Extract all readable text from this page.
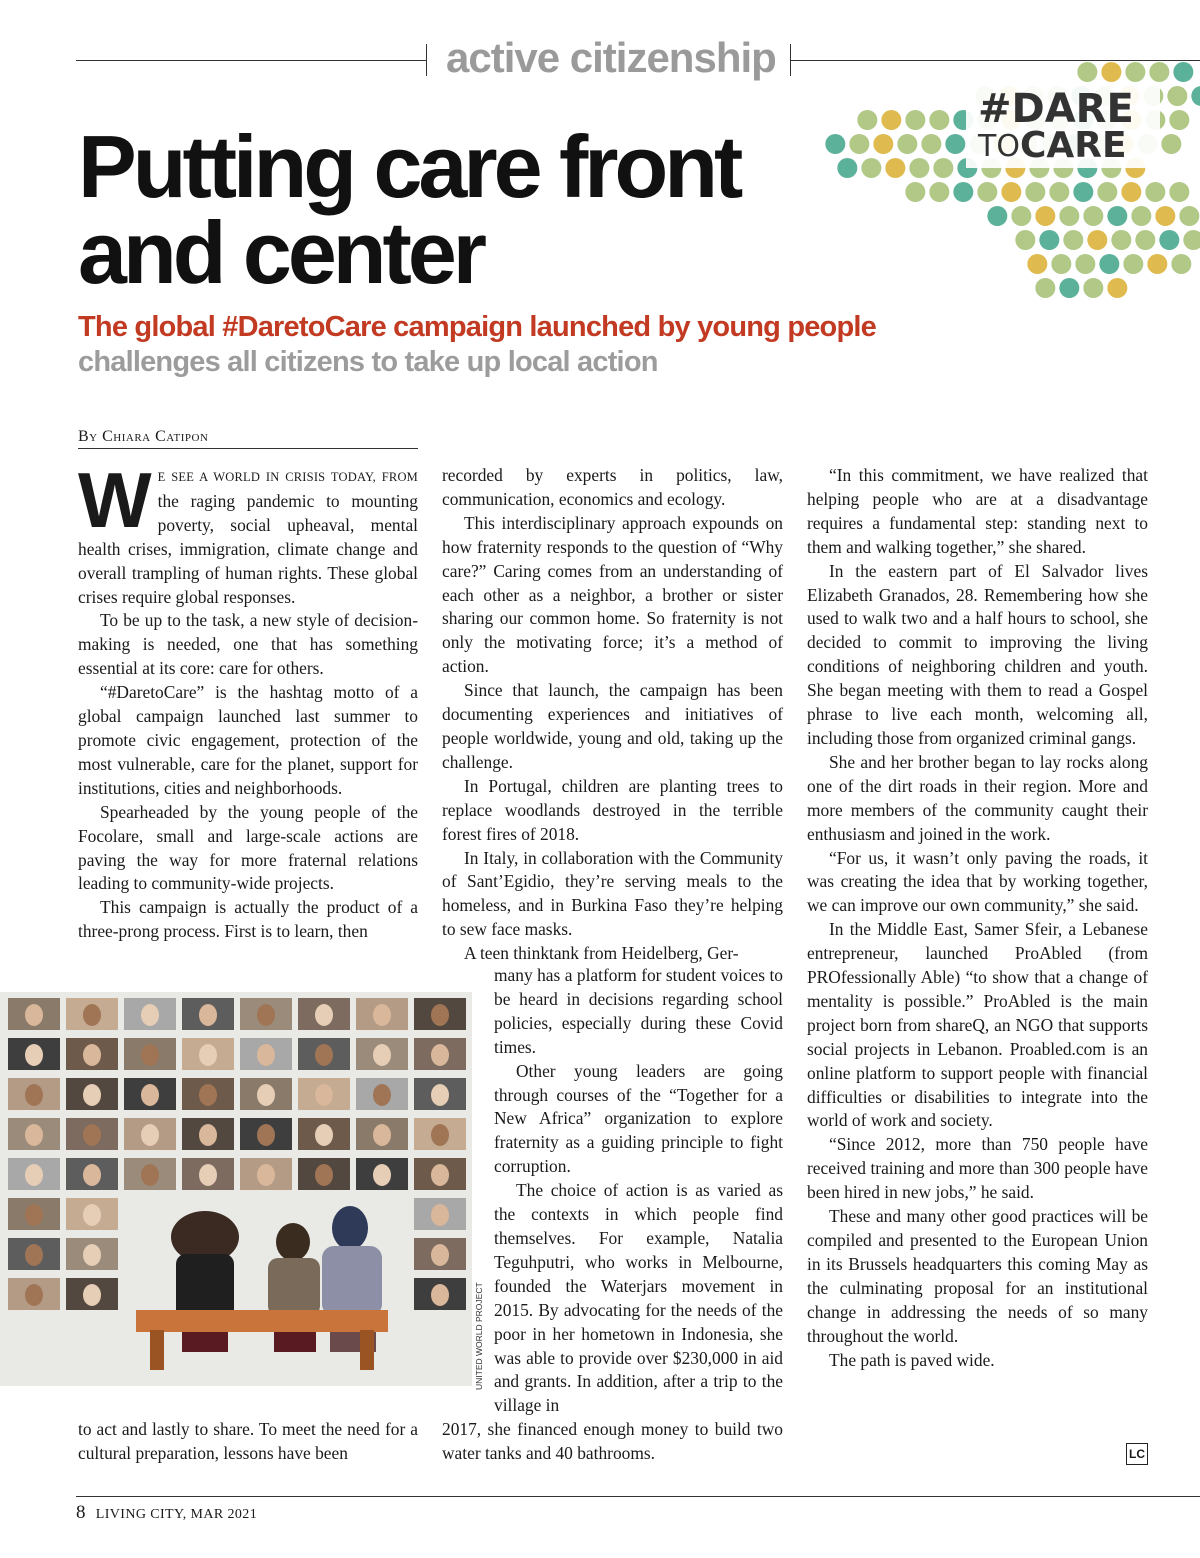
active citizenship
#DARE
TO CARE
Putting care front
and center
The global #DaretoCare campaign launched by young people challenges all citizens to take up local action
By Chiara Catipon

W E SEE A WORLD IN CRISIS TODAY, FROM the raging pandemic to mounting poverty, social upheaval, mental health crises, immigration, climate change and overall trampling of human rights. These global crises require global responses.

To be up to the task, a new style of decision-making is needed, one that has something essential at its core: care for others.

“#DaretoCare” is the hashtag motto of a global campaign launched last summer to promote civic engagement, protection of the most vulnerable, care for the planet, support for institutions, cities and neighborhoods.

Spearheaded by the young people of the Focolare, small and large-scale actions are paving the way for more fraternal relations leading to community-wide projects.

This campaign is actually the product of a three-prong process. First is to learn, then

UNITED WORLD PROJECT

to act and lastly to share. To meet the need for a cultural preparation, lessons have been

recorded by experts in politics, law, communication, economics and ecology.

This interdisciplinary approach expounds on how fraternity responds to the question of “Why care?” Caring comes from an understanding of each other as a neighbor, a brother or sister sharing our common home. So fraternity is not only the motivating force; it’s a method of action.

Since that launch, the campaign has been documenting experiences and initiatives of people worldwide, young and old, taking up the challenge.

In Portugal, children are planting trees to replace woodlands destroyed in the terrible forest fires of 2018.

In Italy, in collaboration with the Community of Sant’Egidio, they’re serving meals to the homeless, and in Burkina Faso they’re helping to sew face masks.

A teen thinktank from Heidelberg, Ger-

many has a platform for student voices to be heard in decisions regarding school policies, especially during these Covid times.

Other young leaders are going through courses of the “Together for a New Africa” organization to explore fraternity as a guiding principle to fight corruption.

The choice of action is as varied as the contexts in which people find themselves. For example, Natalia Teguhputri, who works in Melbourne, founded the Waterjars movement in 2015. By advocating for the needs of the poor in her hometown in Indonesia, she was able to provide over $230,000 in aid and grants. In addition, after a trip to the village in

2017, she financed enough money to build two water tanks and 40 bathrooms.

“In this commitment, we have realized that helping people who are at a disadvantage requires a fundamental step: standing next to them and walking together,” she shared.

In the eastern part of El Salvador lives Elizabeth Granados, 28. Remembering how she used to walk two and a half hours to school, she decided to commit to improving the living conditions of neighboring children and youth. She began meeting with them to read a Gospel phrase to live each month, welcoming all, including those from organized criminal gangs.

She and her brother began to lay rocks along one of the dirt roads in their region. More and more members of the community caught their enthusiasm and joined in the work.

“For us, it wasn’t only paving the roads, it was creating the idea that by working together, we can improve our own community,” she said.

In the Middle East, Samer Sfeir, a Lebanese entrepreneur, launched ProAbled (from PROfessionally Able) “to show that a change of mentality is possible.” ProAbled is the main project born from shareQ, an NGO that supports social projects in Lebanon. Proabled.com is an online platform to support people with financial difficulties or disabilities to integrate into the world of work and society.

“Since 2012, more than 750 people have received training and more than 300 people have been hired in new jobs,” he said.

These and many other good practices will be compiled and presented to the European Union in its Brussels headquarters this coming May as the culminating proposal for an institutional change in addressing the needs of so many throughout the world.

The path is paved wide.

LC
8 LIVING CITY, MAR 2021
